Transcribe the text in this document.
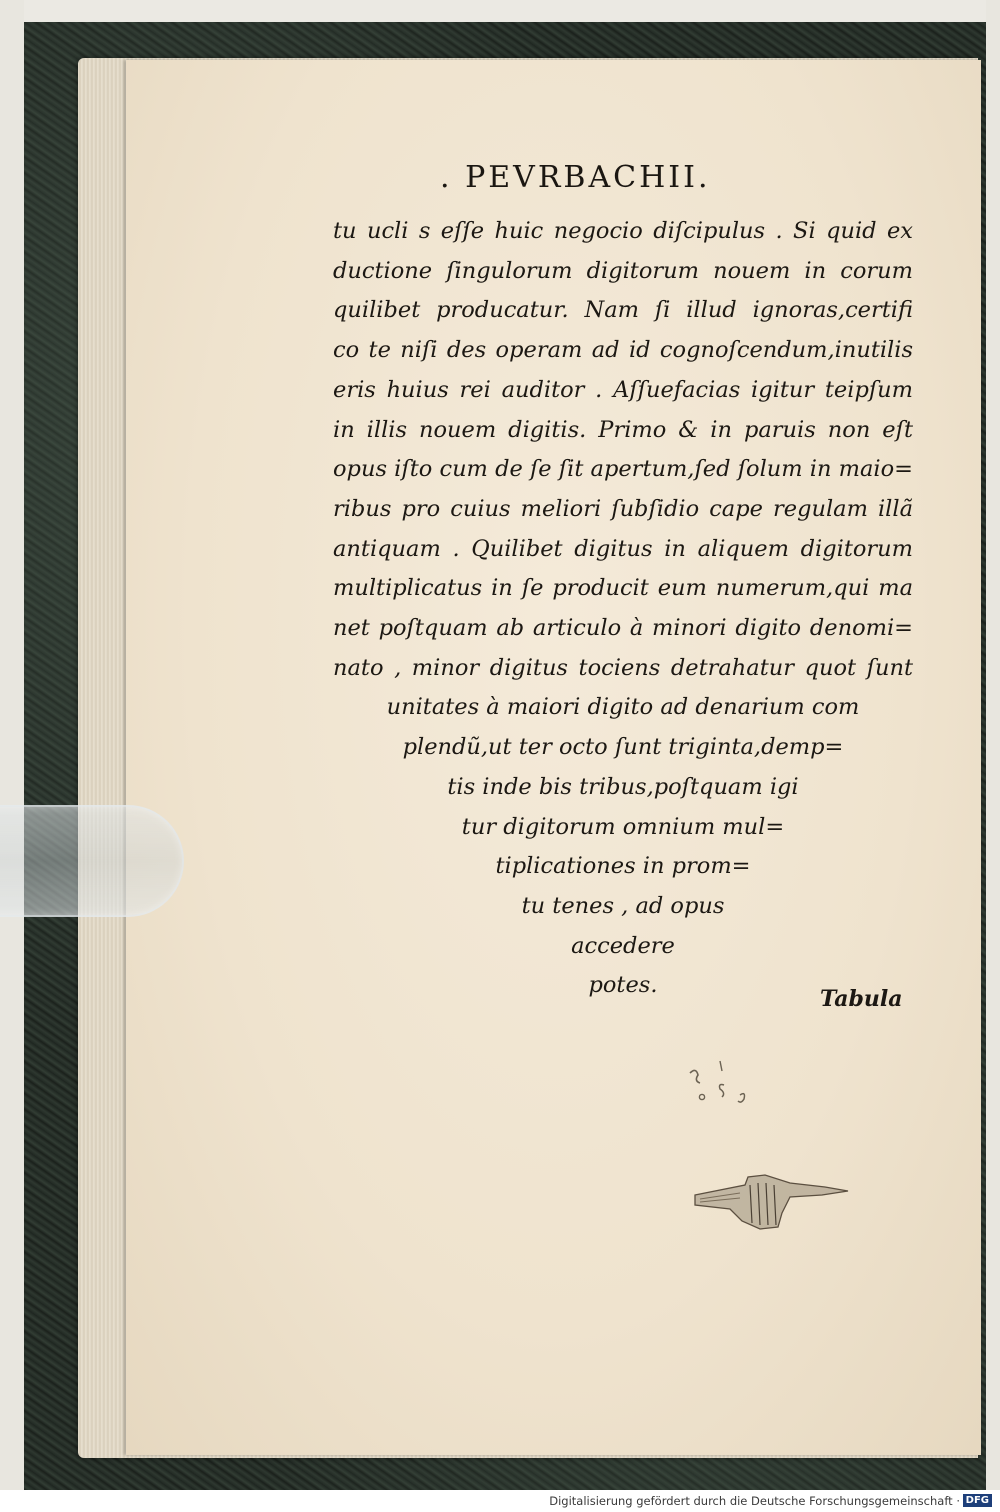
. PEVRBACHII.
tu ucli s eſſe huic negocio diſcipulus . Si quid ex
ductione ſingulorum digitorum nouem in corum
quilibet producatur. Nam ſi illud ignoras,certifi
co te niſi des operam ad id cognoſcendum,inutilis
eris huius rei auditor . Aſſuefacias igitur teipſum
in illis nouem digitis. Primo & in paruis non eſt
opus iſto cum de ſe ſit apertum,ſed ſolum in maio=
ribus pro cuius meliori ſubſidio cape regulam illã
antiquam . Quilibet digitus in aliquem digitorum
multiplicatus in ſe producit eum numerum,qui ma
net poſtquam ab articulo à minori digito denomi=
nato , minor digitus tociens detrahatur quot ſunt
unitates à maiori digito ad denarium com
plendũ,ut ter octo ſunt triginta,demp=
tis inde bis tribus,poſtquam igi
tur digitorum omnium mul=
tiplicationes in prom=
tu tenes , ad opus
accedere
potes.
Tabula
Digitalisierung gefördert durch die Deutsche Forschungsgemeinschaft · DFG
